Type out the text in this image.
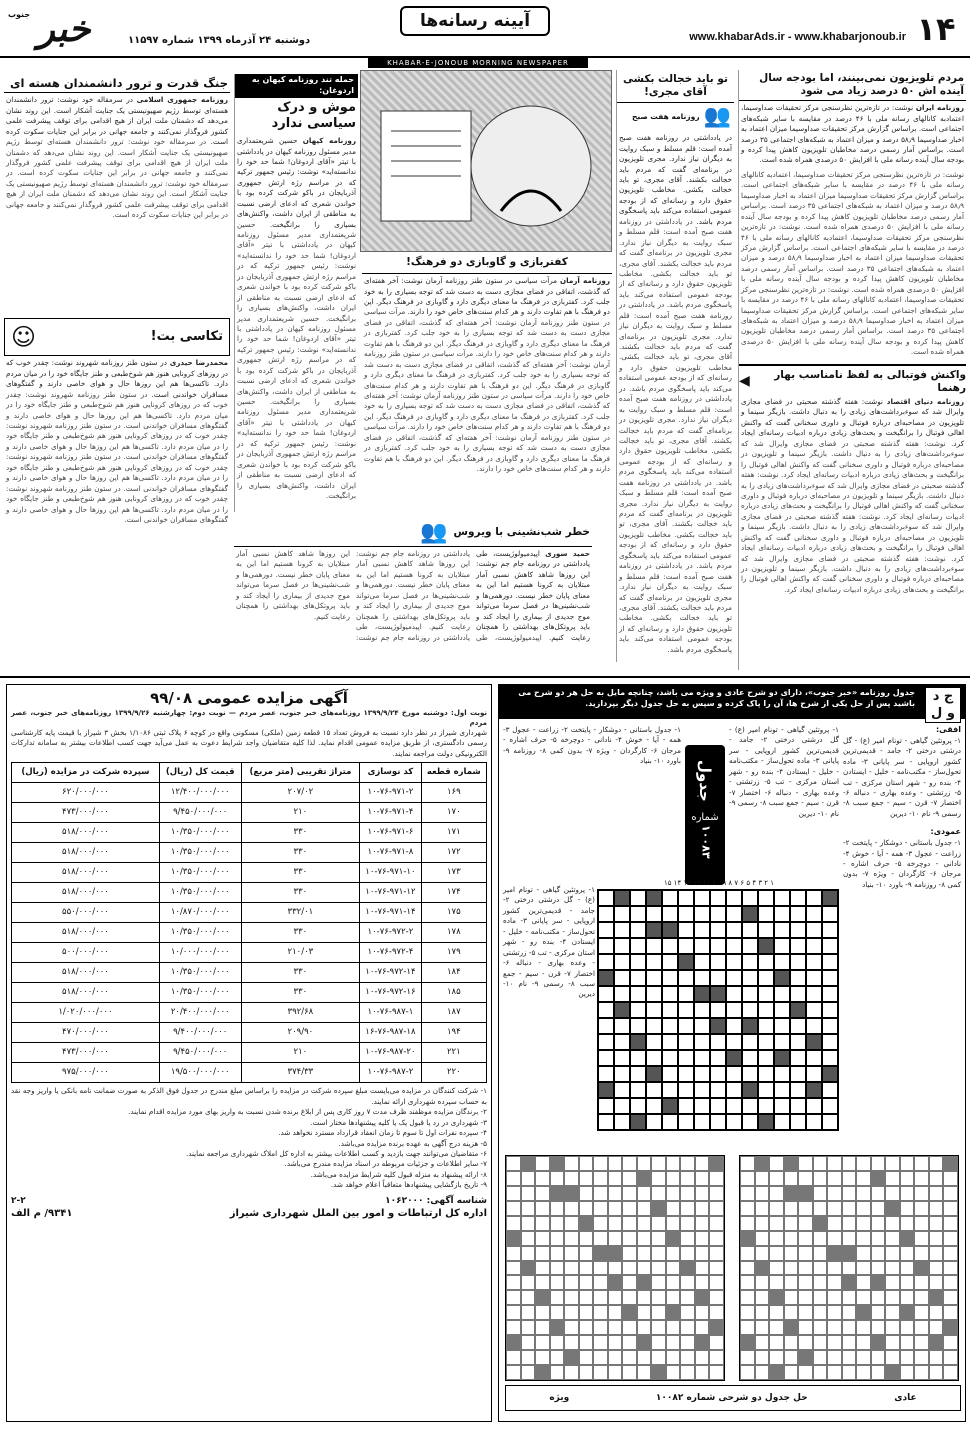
۱۴
www.khabarAds.ir - www.khabarjonoub.ir
آیینه رسانه‌ها
خبر
جنوب
دوشنبه ۲۴ آذرماه ۱۳۹۹ شماره ۱۱۵۹۷
KHABAR-E-JONOUB MORNING NEWSPAPER
مردم تلویزیون نمی‌بینند، اما بودجه سال آینده اش ۵۰ درصد زیاد می شود
روزنامه ایران نوشت: در تازه‌ترین نظرسنجی مرکز تحقیقات صداوسیما، اعتمادبه کانالهای رسانه ملی با ۴۶ درصد در مقایسه با سایر شبکه‌های اجتماعی است. براساس گزارش مرکز تحقیقات صداوسیما میزان اعتماد به اخبار صداوسیما ۵۸٫۹ درصد و میزان اعتماد به شبکه‌های اجتماعی ۳۵ درصد است. براساس آمار رسمی درصد مخاطبان تلویزیون کاهش پیدا کرده و بودجه سال آینده رسانه ملی با افزایش ۵۰ درصدی همراه شده است.
نوشت: در تازه‌ترین نظرسنجی مرکز تحقیقات صداوسیما، اعتمادبه کانالهای رسانه ملی با ۴۶ درصد در مقایسه با سایر شبکه‌های اجتماعی است. براساس گزارش مرکز تحقیقات صداوسیما میزان اعتماد به اخبار صداوسیما ۵۸٫۹ درصد و میزان اعتماد به شبکه‌های اجتماعی ۳۵ درصد است. براساس آمار رسمی درصد مخاطبان تلویزیون کاهش پیدا کرده و بودجه سال آینده رسانه ملی با افزایش ۵۰ درصدی همراه شده است. نوشت: در تازه‌ترین نظرسنجی مرکز تحقیقات صداوسیما، اعتمادبه کانالهای رسانه ملی با ۴۶ درصد در مقایسه با سایر شبکه‌های اجتماعی است. براساس گزارش مرکز تحقیقات صداوسیما میزان اعتماد به اخبار صداوسیما ۵۸٫۹ درصد و میزان اعتماد به شبکه‌های اجتماعی ۳۵ درصد است. براساس آمار رسمی درصد مخاطبان تلویزیون کاهش پیدا کرده و بودجه سال آینده رسانه ملی با افزایش ۵۰ درصدی همراه شده است. نوشت: در تازه‌ترین نظرسنجی مرکز تحقیقات صداوسیما، اعتمادبه کانالهای رسانه ملی با ۴۶ درصد در مقایسه با سایر شبکه‌های اجتماعی است. براساس گزارش مرکز تحقیقات صداوسیما میزان اعتماد به اخبار صداوسیما ۵۸٫۹ درصد و میزان اعتماد به شبکه‌های اجتماعی ۳۵ درصد است. براساس آمار رسمی درصد مخاطبان تلویزیون کاهش پیدا کرده و بودجه سال آینده رسانه ملی با افزایش ۵۰ درصدی همراه شده است.
واکنش فوتبالی به لفظ نامناسب بهار رهنما
◀
روزنامه دنیای اقتصاد نوشت: هفته گذشته صحبتی در فضای مجازی وایرال شد که سوءبرداشت‌های زیادی را به دنبال داشت. بازیگر سینما و تلویزیون در مصاحبه‌ای درباره فوتبال و داوری سخنانی گفت که واکنش اهالی فوتبال را برانگیخت و بحث‌های زیادی درباره ادبیات رسانه‌ای ایجاد کرد. نوشت: هفته گذشته صحبتی در فضای مجازی وایرال شد که سوءبرداشت‌های زیادی را به دنبال داشت. بازیگر سینما و تلویزیون در مصاحبه‌ای درباره فوتبال و داوری سخنانی گفت که واکنش اهالی فوتبال را برانگیخت و بحث‌های زیادی درباره ادبیات رسانه‌ای ایجاد کرد. نوشت: هفته گذشته صحبتی در فضای مجازی وایرال شد که سوءبرداشت‌های زیادی را به دنبال داشت. بازیگر سینما و تلویزیون در مصاحبه‌ای درباره فوتبال و داوری سخنانی گفت که واکنش اهالی فوتبال را برانگیخت و بحث‌های زیادی درباره ادبیات رسانه‌ای ایجاد کرد. نوشت: هفته گذشته صحبتی در فضای مجازی وایرال شد که سوءبرداشت‌های زیادی را به دنبال داشت. بازیگر سینما و تلویزیون در مصاحبه‌ای درباره فوتبال و داوری سخنانی گفت که واکنش اهالی فوتبال را برانگیخت و بحث‌های زیادی درباره ادبیات رسانه‌ای ایجاد کرد. نوشت: هفته گذشته صحبتی در فضای مجازی وایرال شد که سوءبرداشت‌های زیادی را به دنبال داشت. بازیگر سینما و تلویزیون در مصاحبه‌ای درباره فوتبال و داوری سخنانی گفت که واکنش اهالی فوتبال را برانگیخت و بحث‌های زیادی درباره ادبیات رسانه‌ای ایجاد کرد.
تو باید خجالت بکشی آقای مجری!
👥
روزنامه هفت صبح
در یادداشتی در روزنامه هفت صبح آمده است: قلم مسلط و سبک روایت به دیگران نیاز ندارد. مجری تلویزیون در برنامه‌ای گفت که مردم باید خجالت بکشند. آقای مجری، تو باید خجالت بکشی. مخاطب تلویزیون حقوق دارد و رسانه‌ای که از بودجه عمومی استفاده می‌کند باید پاسخگوی مردم باشد. در یادداشتی در روزنامه هفت صبح آمده است: قلم مسلط و سبک روایت به دیگران نیاز ندارد. مجری تلویزیون در برنامه‌ای گفت که مردم باید خجالت بکشند. آقای مجری، تو باید خجالت بکشی. مخاطب تلویزیون حقوق دارد و رسانه‌ای که از بودجه عمومی استفاده می‌کند باید پاسخگوی مردم باشد. در یادداشتی در روزنامه هفت صبح آمده است: قلم مسلط و سبک روایت به دیگران نیاز ندارد. مجری تلویزیون در برنامه‌ای گفت که مردم باید خجالت بکشند. آقای مجری، تو باید خجالت بکشی. مخاطب تلویزیون حقوق دارد و رسانه‌ای که از بودجه عمومی استفاده می‌کند باید پاسخگوی مردم باشد. در یادداشتی در روزنامه هفت صبح آمده است: قلم مسلط و سبک روایت به دیگران نیاز ندارد. مجری تلویزیون در برنامه‌ای گفت که مردم باید خجالت بکشند. آقای مجری، تو باید خجالت بکشی. مخاطب تلویزیون حقوق دارد و رسانه‌ای که از بودجه عمومی استفاده می‌کند باید پاسخگوی مردم باشد. در یادداشتی در روزنامه هفت صبح آمده است: قلم مسلط و سبک روایت به دیگران نیاز ندارد. مجری تلویزیون در برنامه‌ای گفت که مردم باید خجالت بکشند. آقای مجری، تو باید خجالت بکشی. مخاطب تلویزیون حقوق دارد و رسانه‌ای که از بودجه عمومی استفاده می‌کند باید پاسخگوی مردم باشد. در یادداشتی در روزنامه هفت صبح آمده است: قلم مسلط و سبک روایت به دیگران نیاز ندارد. مجری تلویزیون در برنامه‌ای گفت که مردم باید خجالت بکشند. آقای مجری، تو باید خجالت بکشی. مخاطب تلویزیون حقوق دارد و رسانه‌ای که از بودجه عمومی استفاده می‌کند باید پاسخگوی مردم باشد.
کفتربازی و گاوبازی دو فرهنگ!
روزنامه آرمان مرآت سیاسی در ستون طنز روزنامه آرمان نوشت: آخر هفته‌ای که گذشت، اتفاقی در فضای مجازی دست به دست شد که توجه بسیاری را به خود جلب کرد. کفتربازی در فرهنگ ما معنای دیگری دارد و گاوبازی در فرهنگ دیگر. این دو فرهنگ با هم تفاوت دارند و هر کدام سنت‌های خاص خود را دارند. مرآت سیاسی در ستون طنز روزنامه آرمان نوشت: آخر هفته‌ای که گذشت، اتفاقی در فضای مجازی دست به دست شد که توجه بسیاری را به خود جلب کرد. کفتربازی در فرهنگ ما معنای دیگری دارد و گاوبازی در فرهنگ دیگر. این دو فرهنگ با هم تفاوت دارند و هر کدام سنت‌های خاص خود را دارند. مرآت سیاسی در ستون طنز روزنامه آرمان نوشت: آخر هفته‌ای که گذشت، اتفاقی در فضای مجازی دست به دست شد که توجه بسیاری را به خود جلب کرد. کفتربازی در فرهنگ ما معنای دیگری دارد و گاوبازی در فرهنگ دیگر. این دو فرهنگ با هم تفاوت دارند و هر کدام سنت‌های خاص خود را دارند. مرآت سیاسی در ستون طنز روزنامه آرمان نوشت: آخر هفته‌ای که گذشت، اتفاقی در فضای مجازی دست به دست شد که توجه بسیاری را به خود جلب کرد. کفتربازی در فرهنگ ما معنای دیگری دارد و گاوبازی در فرهنگ دیگر. این دو فرهنگ با هم تفاوت دارند و هر کدام سنت‌های خاص خود را دارند. مرآت سیاسی در ستون طنز روزنامه آرمان نوشت: آخر هفته‌ای که گذشت، اتفاقی در فضای مجازی دست به دست شد که توجه بسیاری را به خود جلب کرد. کفتربازی در فرهنگ ما معنای دیگری دارد و گاوبازی در فرهنگ دیگر. این دو فرهنگ با هم تفاوت دارند و هر کدام سنت‌های خاص خود را دارند.
حمله تند روزنامه کیهان به اردوغان:
موش و درک سیاسی ندارد
روزنامه کیهان حسین شریعتمداری مدیر مسئول روزنامه کیهان در یادداشتی با تیتر «آقای اردوغان! شما حد خود را ندانسته‌اید» نوشت: رئیس جمهور ترکیه که در مراسم رژه ارتش جمهوری آذربایجان در باکو شرکت کرده بود با خواندن شعری که ادعای ارضی نسبت به مناطقی از ایران داشت، واکنش‌های بسیاری را برانگیخت. حسین شریعتمداری مدیر مسئول روزنامه کیهان در یادداشتی با تیتر «آقای اردوغان! شما حد خود را ندانسته‌اید» نوشت: رئیس جمهور ترکیه که در مراسم رژه ارتش جمهوری آذربایجان در باکو شرکت کرده بود با خواندن شعری که ادعای ارضی نسبت به مناطقی از ایران داشت، واکنش‌های بسیاری را برانگیخت. حسین شریعتمداری مدیر مسئول روزنامه کیهان در یادداشتی با تیتر «آقای اردوغان! شما حد خود را ندانسته‌اید» نوشت: رئیس جمهور ترکیه که در مراسم رژه ارتش جمهوری آذربایجان در باکو شرکت کرده بود با خواندن شعری که ادعای ارضی نسبت به مناطقی از ایران داشت، واکنش‌های بسیاری را برانگیخت. حسین شریعتمداری مدیر مسئول روزنامه کیهان در یادداشتی با تیتر «آقای اردوغان! شما حد خود را ندانسته‌اید» نوشت: رئیس جمهور ترکیه که در مراسم رژه ارتش جمهوری آذربایجان در باکو شرکت کرده بود با خواندن شعری که ادعای ارضی نسبت به مناطقی از ایران داشت، واکنش‌های بسیاری را برانگیخت.
جنگ قدرت و ترور دانشمندان هسته ای
روزنامه جمهوری اسلامی در سرمقاله خود نوشت: ترور دانشمندان هسته‌ای توسط رژیم صهیونیستی یک جنایت آشکار است. این روند نشان می‌دهد که دشمنان ملت ایران از هیچ اقدامی برای توقف پیشرفت علمی کشور فروگذار نمی‌کنند و جامعه جهانی در برابر این جنایات سکوت کرده است. در سرمقاله خود نوشت: ترور دانشمندان هسته‌ای توسط رژیم صهیونیستی یک جنایت آشکار است. این روند نشان می‌دهد که دشمنان ملت ایران از هیچ اقدامی برای توقف پیشرفت علمی کشور فروگذار نمی‌کنند و جامعه جهانی در برابر این جنایات سکوت کرده است. در سرمقاله خود نوشت: ترور دانشمندان هسته‌ای توسط رژیم صهیونیستی یک جنایت آشکار است. این روند نشان می‌دهد که دشمنان ملت ایران از هیچ اقدامی برای توقف پیشرفت علمی کشور فروگذار نمی‌کنند و جامعه جهانی در برابر این جنایات سکوت کرده است.
تکاسی بت!
☺
محمدرضا حیدری در ستون طنز روزنامه شهروند نوشت: چقدر خوب که در روزهای کرونایی هنوز هم شوخ‌طبعی و طنز جایگاه خود را در میان مردم دارد. تاکسی‌ها هم این روزها حال و هوای خاصی دارند و گفتگوهای مسافران خواندنی است. در ستون طنز روزنامه شهروند نوشت: چقدر خوب که در روزهای کرونایی هنوز هم شوخ‌طبعی و طنز جایگاه خود را در میان مردم دارد. تاکسی‌ها هم این روزها حال و هوای خاصی دارند و گفتگوهای مسافران خواندنی است. در ستون طنز روزنامه شهروند نوشت: چقدر خوب که در روزهای کرونایی هنوز هم شوخ‌طبعی و طنز جایگاه خود را در میان مردم دارد. تاکسی‌ها هم این روزها حال و هوای خاصی دارند و گفتگوهای مسافران خواندنی است. در ستون طنز روزنامه شهروند نوشت: چقدر خوب که در روزهای کرونایی هنوز هم شوخ‌طبعی و طنز جایگاه خود را در میان مردم دارد. تاکسی‌ها هم این روزها حال و هوای خاصی دارند و گفتگوهای مسافران خواندنی است. در ستون طنز روزنامه شهروند نوشت: چقدر خوب که در روزهای کرونایی هنوز هم شوخ‌طبعی و طنز جایگاه خود را در میان مردم دارد. تاکسی‌ها هم این روزها حال و هوای خاصی دارند و گفتگوهای مسافران خواندنی است.
خطر شب‌نشینی با ویروس
👥
حمید سوری اپیدمیولوژیست، طی یادداشتی در روزنامه جام جم نوشت: این روزها شاهد کاهش نسبی آمار مبتلایان به کرونا هستیم اما این به معنای پایان خطر نیست. دورهمی‌ها و شب‌نشینی‌ها در فصل سرما می‌تواند موج جدیدی از بیماری را ایجاد کند و باید پروتکل‌های بهداشتی را همچنان رعایت کنیم. اپیدمیولوژیست، طی یادداشتی در روزنامه جام جم نوشت: این روزها شاهد کاهش نسبی آمار مبتلایان به کرونا هستیم اما این به معنای پایان خطر نیست. دورهمی‌ها و شب‌نشینی‌ها در فصل سرما می‌تواند موج جدیدی از بیماری را ایجاد کند و باید پروتکل‌های بهداشتی را همچنان رعایت کنیم. اپیدمیولوژیست، طی یادداشتی در روزنامه جام جم نوشت: این روزها شاهد کاهش نسبی آمار مبتلایان به کرونا هستیم اما این به معنای پایان خطر نیست. دورهمی‌ها و شب‌نشینی‌ها در فصل سرما می‌تواند موج جدیدی از بیماری را ایجاد کند و باید پروتکل‌های بهداشتی را همچنان رعایت کنیم.
آگهی مزایده عمومی ۹۹/۰۸
نوبت اول: دوشنبه مورخ ۱۳۹۹/۹/۲۴ روزنامه‌های خبر جنوب، عصر مردم — نوبت دوم: چهارشنبه ۱۳۹۹/۹/۲۶ روزنامه‌های خبر جنوب، عصر مردم
شهرداری شیراز در نظر دارد نسبت به فروش تعداد ۱۵ قطعه زمین (ملکی) مسکونی واقع در کوچه ۶ پلاک ثبتی ۱/۱۰۸۶ بخش ۳ شیراز با قیمت پایه کارشناسی رسمی دادگستری، از طریق مزایده عمومی اقدام نماید. لذا کلیه متقاضیان واجد شرایط دعوت به عمل می‌آید جهت کسب اطلاعات بیشتر به سامانه تدارکات الکترونیکی دولت مراجعه نمایند.
شماره قطعه	کد نوسازی	متراژ تقریبی (متر مربع)	قیمت کل (ریال)	سپرده شرکت در مزایده (ریال)
۱۶۹	۱۰-۷۶-۹۷۱-۲	۲۰۷/۰۲	۱۲/۴۰۰/۰۰۰/۰۰۰	۶۲۰/۰۰۰/۰۰۰
۱۷۰	۱۰-۷۶-۹۷۱-۴	۲۱۰	۹/۴۵۰/۰۰۰/۰۰۰	۴۷۳/۰۰۰/۰۰۰
۱۷۱	۱۰-۷۶-۹۷۱-۶	۳۳۰	۱۰/۳۵۰/۰۰۰/۰۰۰	۵۱۸/۰۰۰/۰۰۰
۱۷۲	۱۰-۷۶-۹۷۱-۸	۳۳۰	۱۰/۳۵۰/۰۰۰/۰۰۰	۵۱۸/۰۰۰/۰۰۰
۱۷۳	۱۰-۷۶-۹۷۱-۱۰	۳۳۰	۱۰/۳۵۰/۰۰۰/۰۰۰	۵۱۸/۰۰۰/۰۰۰
۱۷۴	۱۰-۷۶-۹۷۱-۱۲	۳۳۰	۱۰/۳۵۰/۰۰۰/۰۰۰	۵۱۸/۰۰۰/۰۰۰
۱۷۵	۱۰-۷۶-۹۷۱-۱۴	۳۳۲/۰۱	۱۰/۸۷۰/۰۰۰/۰۰۰	۵۵۰/۰۰۰/۰۰۰
۱۷۸	۱۰-۷۶-۹۷۲-۲	۳۳۰	۱۰/۳۵۰/۰۰۰/۰۰۰	۵۱۸/۰۰۰/۰۰۰
۱۷۹	۱۰-۷۶-۹۷۲-۴	۲۱۰/۰۳	۱۰/۰۰۰/۰۰۰/۰۰۰	۵۰۰/۰۰۰/۰۰۰
۱۸۴	۱۰-۷۶-۹۷۲-۱۴	۳۳۰	۱۰/۳۵۰/۰۰۰/۰۰۰	۵۱۸/۰۰۰/۰۰۰
۱۸۵	۱۰-۷۶-۹۷۲-۱۶	۳۳۰	۱۰/۳۵۰/۰۰۰/۰۰۰	۵۱۸/۰۰۰/۰۰۰
۱۸۷	۱۰-۷۶-۹۸۷-۱	۳۹۲/۶۸	۲۰/۴۰۰/۰۰۰/۰۰۰	۱/۰۲۰/۰۰۰/۰۰۰
۱۹۴	۱۶-۷۶-۹۸۷-۱۸	۲۰۹/۹۰	۹/۴۰۰/۰۰۰/۰۰۰	۴۷۰/۰۰۰/۰۰۰
۲۲۱	۱۰-۷۶-۹۸۷-۲۰	۲۱۰	۹/۴۵۰/۰۰۰/۰۰۰	۴۷۳/۰۰۰/۰۰۰
۲۲۰	۱۰-۷۶-۹۸۷-۲	۳۷۴/۳۳	۱۹/۵۰۰/۰۰۰/۰۰۰	۹۷۵/۰۰۰/۰۰۰
۱- شرکت کنندگان در مزایده می‌بایست مبلغ سپرده شرکت در مزایده را براساس مبلغ مندرج در جدول فوق الذکر به صورت ضمانت نامه بانکی یا واریز وجه نقد به حساب سپرده شهرداری ارائه نمایند.
۲- برندگان مزایده موظفند ظرف مدت ۷ روز کاری پس از ابلاغ برنده شدن نسبت به واریز بهای مورد مزایده اقدام نمایند.
۳- شهرداری در رد یا قبول یک یا کلیه پیشنهادها مختار است.
۴- سپرده نفرات اول تا سوم تا زمان انعقاد قرارداد مسترد نخواهد شد.
۵- هزینه درج آگهی به عهده برنده مزایده می‌باشد.
۶- متقاضیان می‌توانند جهت بازدید و کسب اطلاعات بیشتر به اداره کل املاک شهرداری مراجعه نمایند.
۷- سایر اطلاعات و جزئیات مربوطه در اسناد مزایده مندرج می‌باشد.
۸- ارائه پیشنهاد به منزله قبول کلیه شرایط مزایده می‌باشد.
۹- تاریخ بازگشایی پیشنهادها متعاقباً اعلام خواهد شد.
شناسه آگهی: ۱۰۶۲۰۰۰
۲-۲
اداره کل ارتباطات و امور بین الملل شهرداری شیراز
۹۳۴۱/ م الف
جدول روزنامه «خبر جنوب»، دارای دو شرح عادی و ویژه می باشد، چنانچه مایل به حل هر دو شرح می باشید پس از حل یکی از شرح ها، آن را پاک کرده و سپس به حل جدول دیگر بپردازید.	ج د
و ل
افقی:
۱- پروتئین گیاهی - تونام امیر (ع) - گل درشتی درختی ۲- جامد - قدیمی‌ترین کشور اروپایی - سر پایانی ۳- ماده تحول‌ساز - مکتب‌نامه - خلیل - ایستادن ۴- بنده رو - شهر استان مرکزی - تب ۵- زرتشتی - وعده بهاری - دنباله ۶- اختصار ۷- قرن - سیم - جمع سبب ۸- رسمی ۹- نام ۱۰- دیرین
عمودی:
۱- جدول باستانی - دوشکار - پایتخت ۲- زراعت - عجول ۳- همه - آیا - خوش ۴- نادانی - دوچرخه ۵- حرف اشاره - مرجان ۶- کارگردان - ویژه ۷- بدون کمی ۸- روزنامه ۹- باورد ۱۰- بنیاد
۱- پروتئین گیاهی - تونام امیر (ع) - گل درشتی درختی ۲- جامد - قدیمی‌ترین کشور اروپایی - سر پایانی ۳- ماده تحول‌ساز - مکتب‌نامه - خلیل - ایستادن ۴- بنده رو - شهر استان مرکزی - تب ۵- زرتشتی - وعده بهاری - دنباله ۶- اختصار ۷- قرن - سیم - جمع سبب ۸- رسمی ۹- نام ۱۰- دیرین
جدول
شماره
۱۰۰۸۳
۱- جدول باستانی - دوشکار - پایتخت ۲- زراعت - عجول ۳- همه - آیا - خوش ۴- نادانی - دوچرخه ۵- حرف اشاره - مرجان ۶- کارگردان - ویژه ۷- بدون کمی ۸- روزنامه ۹- باورد ۱۰- بنیاد
۱۵ ۱۴ ۱۳ ۱۲ ۱۱ ۱۰ ۹ ۸ ۷ ۶ ۵ ۴ ۳ ۲ ۱
۱- پروتئین گیاهی - تونام امیر (ع) - گل درشتی درختی ۲- جامد - قدیمی‌ترین کشور اروپایی - سر پایانی ۳- ماده تحول‌ساز - مکتب‌نامه - خلیل - ایستادن ۴- بنده رو - شهر استان مرکزی - تب ۵- زرتشتی - وعده بهاری - دنباله ۶- اختصار ۷- قرن - سیم - جمع سبب ۸- رسمی ۹- نام ۱۰- دیرین
عادی
حل جدول دو شرحی شماره ۱۰۰۸۲
ویژه
